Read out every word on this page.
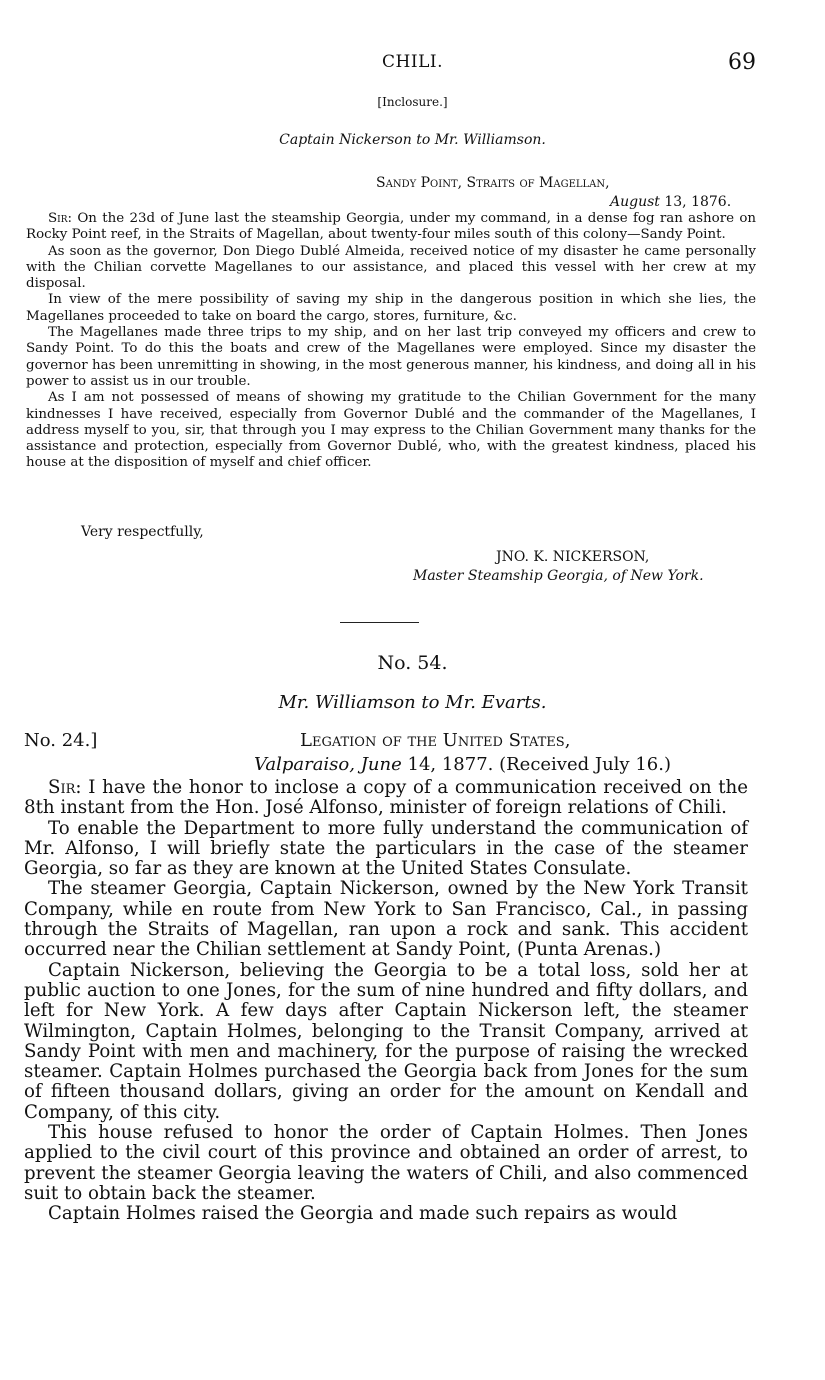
CHILI.	69
[Inclosure.]
Captain Nickerson to Mr. Williamson.
Sandy Point, Straits of Magellan,
August 13, 1876.

Sir: On the 23d of June last the steamship Georgia, under my command, in a dense fog ran ashore on Rocky Point reef, in the Straits of Magellan, about twenty-four miles south of this colony—Sandy Point.

As soon as the governor, Don Diego Dublé Almeida, received notice of my disaster he came personally with the Chilian corvette Magellanes to our assistance, and placed this vessel with her crew at my disposal.

In view of the mere possibility of saving my ship in the dangerous position in which she lies, the Magellanes proceeded to take on board the cargo, stores, furniture, &c.

The Magellanes made three trips to my ship, and on her last trip conveyed my officers and crew to Sandy Point. To do this the boats and crew of the Magellanes were employed. Since my disaster the governor has been unremitting in showing, in the most generous manner, his kindness, and doing all in his power to assist us in our trouble.

As I am not possessed of means of showing my gratitude to the Chilian Government for the many kindnesses I have received, especially from Governor Dublé and the commander of the Magellanes, I address myself to you, sir, that through you I may express to the Chilian Government many thanks for the assistance and protection, especially from Governor Dublé, who, with the greatest kindness, placed his house at the disposition of myself and chief officer.

Very respectfully,
JNO. K. NICKERSON,
Master Steamship Georgia, of New York.
No. 54.
Mr. Williamson to Mr. Evarts.
No. 24.]	Legation of the United States,
Valparaiso, June 14, 1877. (Received July 16.)

Sir: I have the honor to inclose a copy of a communication received on the 8th instant from the Hon. José Alfonso, minister of foreign relations of Chili.

To enable the Department to more fully understand the communication of Mr. Alfonso, I will briefly state the particulars in the case of the steamer Georgia, so far as they are known at the United States Consulate.

The steamer Georgia, Captain Nickerson, owned by the New York Transit Company, while en route from New York to San Francisco, Cal., in passing through the Straits of Magellan, ran upon a rock and sank. This accident occurred near the Chilian settlement at Sandy Point, (Punta Arenas.)

Captain Nickerson, believing the Georgia to be a total loss, sold her at public auction to one Jones, for the sum of nine hundred and fifty dollars, and left for New York. A few days after Captain Nickerson left, the steamer Wilmington, Captain Holmes, belonging to the Transit Company, arrived at Sandy Point with men and machinery, for the purpose of raising the wrecked steamer. Captain Holmes purchased the Georgia back from Jones for the sum of fifteen thousand dollars, giving an order for the amount on Kendall and Company, of this city.

This house refused to honor the order of Captain Holmes. Then Jones applied to the civil court of this province and obtained an order of arrest, to prevent the steamer Georgia leaving the waters of Chili, and also commenced suit to obtain back the steamer.

Captain Holmes raised the Georgia and made such repairs as would
